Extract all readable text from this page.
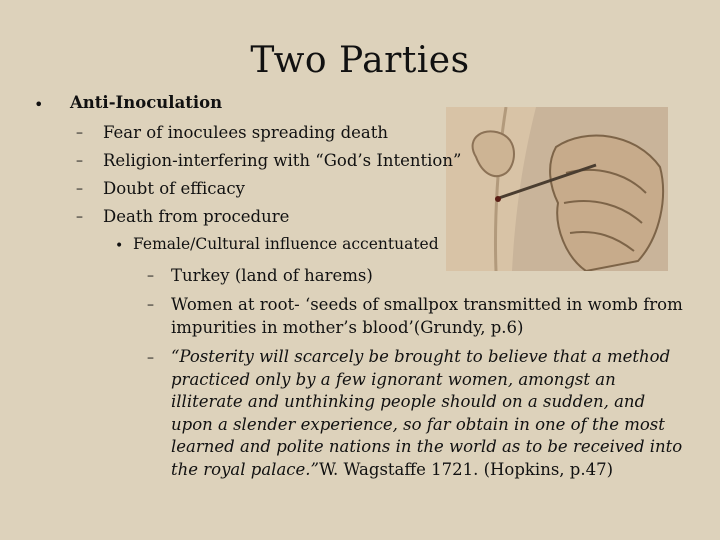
Two Parties
• Anti-Inoculation
– Fear of inoculees spreading death
– Religion-interfering with “God’s Intention”
– Doubt of efficacy
– Death from procedure
• Female/Cultural influence accentuated
– Turkey (land of harems)
– Women at root- ‘seeds of smallpox transmitted in womb from
impurities in mother’s blood’(Grundy, p.6)
– “Posterity will scarcely be brought to believe that a method practiced only by a few ignorant women, amongst an illiterate and unthinking people should on a sudden, and upon a slender experience, so far obtain in one of the most learned and polite nations in the world as to be received into the royal palace.”W. Wagstaffe 1721. (Hopkins, p.47)
